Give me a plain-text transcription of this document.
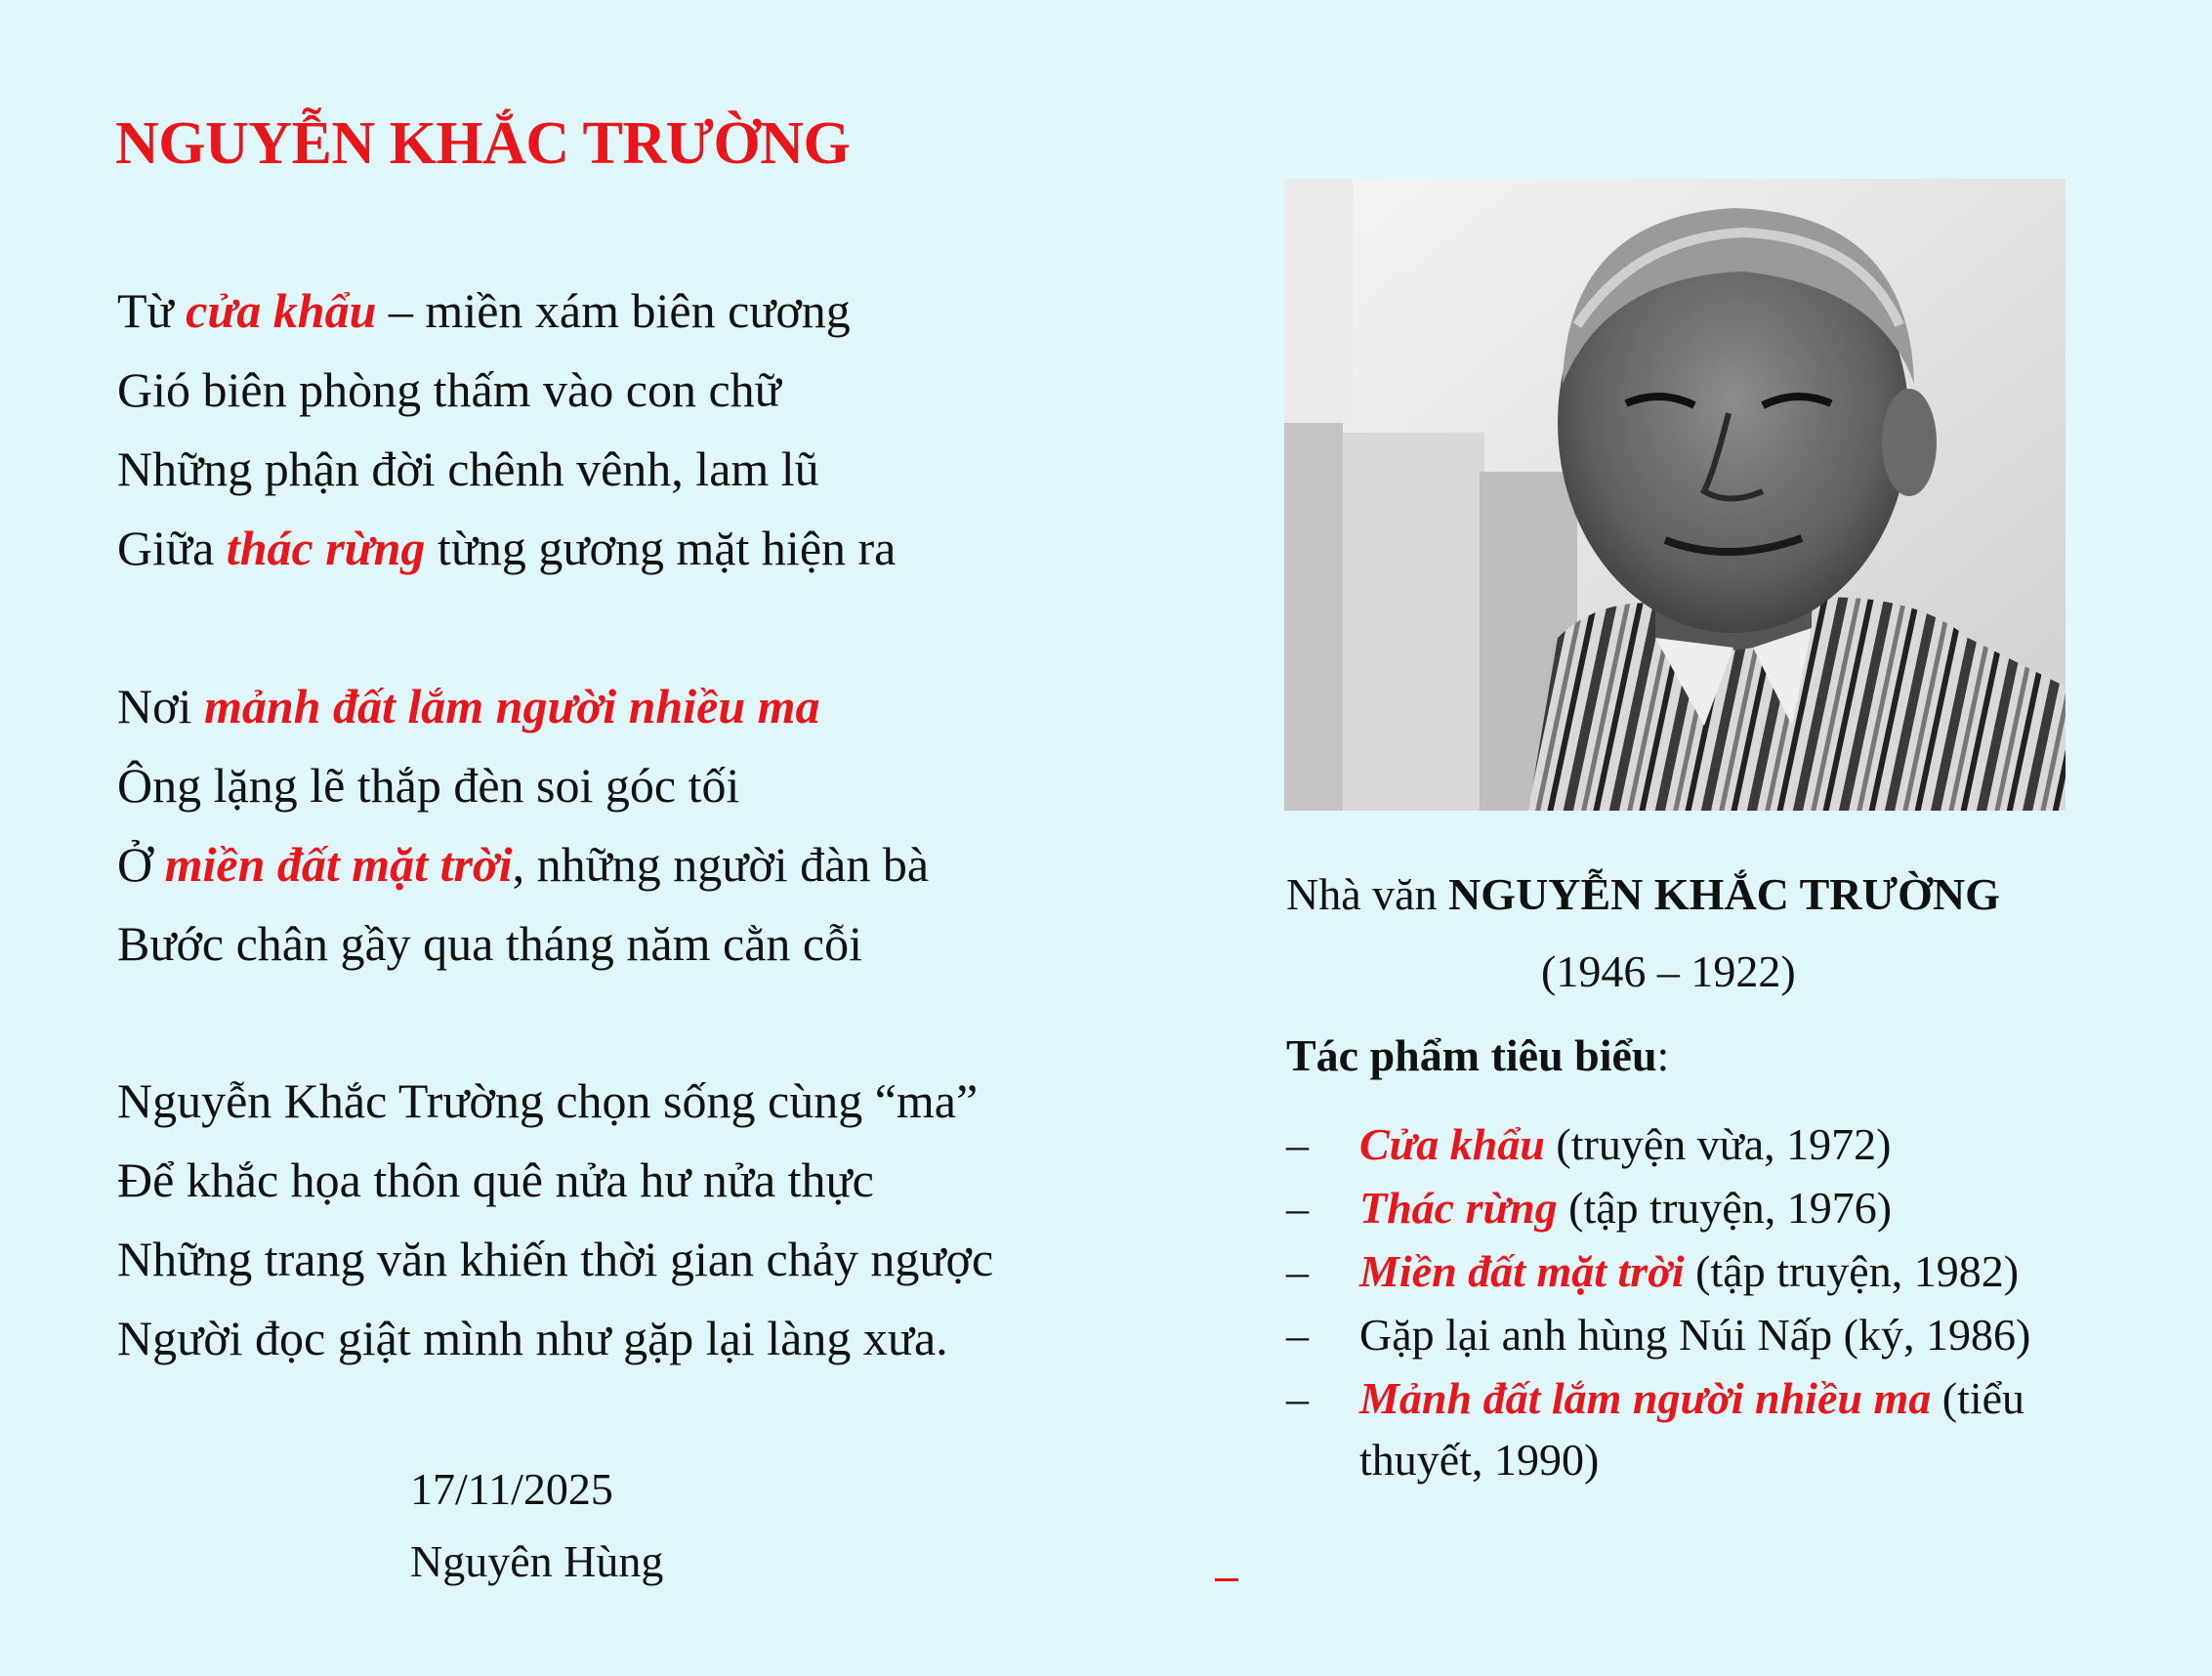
NGUYỄN KHẮC TRƯỜNG
Từ cửa khẩu – miền xám biên cương
Gió biên phòng thấm vào con chữ
Những phận đời chênh vênh, lam lũ
Giữa thác rừng từng gương mặt hiện ra
Nơi mảnh đất lắm người nhiều ma
Ông lặng lẽ thắp đèn soi góc tối
Ở miền đất mặt trời, những người đàn bà
Bước chân gầy qua tháng năm cằn cỗi
Nguyễn Khắc Trường chọn sống cùng “ma”
Để khắc họa thôn quê nửa hư nửa thực
Những trang văn khiến thời gian chảy ngược
Người đọc giật mình như gặp lại làng xưa.
17/11/2025
Nguyên Hùng
Nhà văn NGUYỄN KHẮC TRƯỜNG
(1946 – 1922)
Tác phẩm tiêu biểu:
– Cửa khẩu (truyện vừa, 1972)
– Thác rừng (tập truyện, 1976)
– Miền đất mặt trời (tập truyện, 1982)
– Gặp lại anh hùng Núi Nấp (ký, 1986)
– Mảnh đất lắm người nhiều ma (tiểu
thuyết, 1990)
